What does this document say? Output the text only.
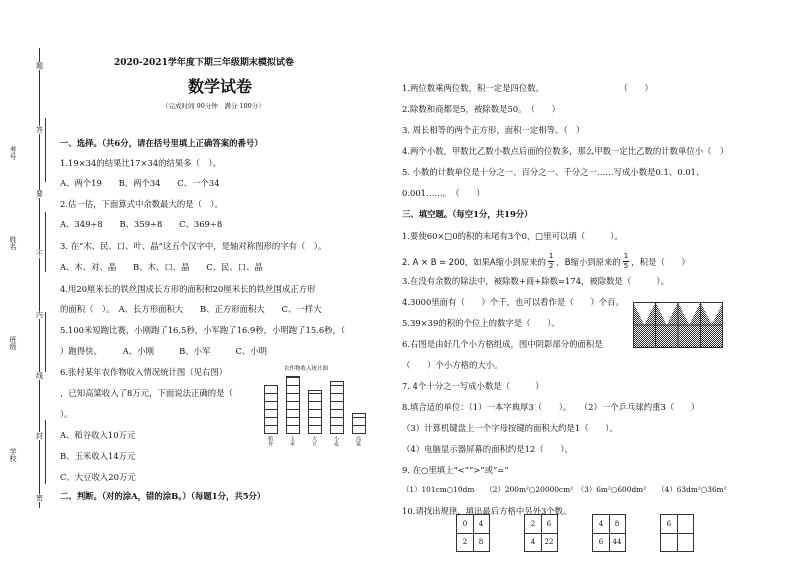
题
答
要
不
内
线
封
密
考号
姓名
班级
学校
2020-2021学年度下期三年级期末模拟试卷
数学试卷
（完成时间 90分钟　满分 100分）
一、选择。（共6分，请在括号里填上正确答案的番号）
1.19×34的结果比17×34的结果多（　）。
A、两个19　　B、两个34　　C、一个34
2.估一估，下面算式中余数最大的是（　）。
A、349÷8　　B、359÷8　　C、369÷8
3. 在“木、民、口、叶、晶”这五个汉字中，是轴对称图形的字有（　）。
A、木、对、晶　　B、木、口、晶　　C、民、口、晶
4.用20厘米长的铁丝围成长方形的面积和20厘米长的铁丝围成正方形
的面积（　）。　A、长方形面积大　　B、正方形面积大　　C、一样大
5.100米短跑比赛，小刚跑了16.5秒，小军跑了16.9秒，小明跑了15.6秒，（
）跑得快。　　　A、小刚　　　B、小军　　　C、小明
6.张村某年农作物收入情况统计图（见右图）
，已知高粱收入了8万元，下面说法正确的是（
）。
A、稻谷收入10万元
B、玉米收入14万元
C、大豆收入20万元
农作物收入统计图
稻谷	玉米	大豆	小麦	高粱
二、判断。（对的涂A，错的涂B。）（每题1分，共5分）
1.两位数乘两位数，积一定是四位数。　　　　　　　　　　（　　）
2.除数和商都是5，被除数是50。　（　　）
3. 周长相等的两个正方形，面积一定相等。（　）
4.两个小数，甲数比乙数小数点后面的位数多，那么甲数一定比乙数的计数单位小（　）
5. 小数的计数单位是十分之一、百分之一、千分之一……写成小数是0.1、0.01、
0.001……。　（　　）
三、填空题。（每空1分，共19分）
1.要使60×□0的积的末尾有3个0，□里可以填（　　　）。
2. A × B = 200，如果A缩小到原来的 $\frac{1}{2}$ ，B缩小到原来的 $\frac{1}{5}$ ，积是（　　）
3.在没有余数的除法中，被除数+商+除数=174，被除数是（　　　）。
4.3000里面有（　　）个千，也可以看作是（　　）个百。
5.39×39的积的个位上的数字是（　　）。
6.右图是由好几个小方格组成，图中阴影部分的面积是
（　　）个小方格的大小。
7. 4个十分之一写成小数是（　　　）
8.填合适的单位：（1）一本字典厚3（　　）。　　（2）一个乒乓球约重3（　　）
（3）计算机键盘上一个字母按键的面积大约是1（　　）。
（4）电脑显示器屏幕的面积约是12（　　）。
9. 在○里填上“<”“>”或“=”
（1）101cm○10dm　　（2）200m²○20000cm²　（3）6m²○600dm²　　（4）63dm²○36m²
10.请找出规律，填出最后方格中另外3个数。
0	4
2	8
2	6
4	22
4	8
6	44
6
